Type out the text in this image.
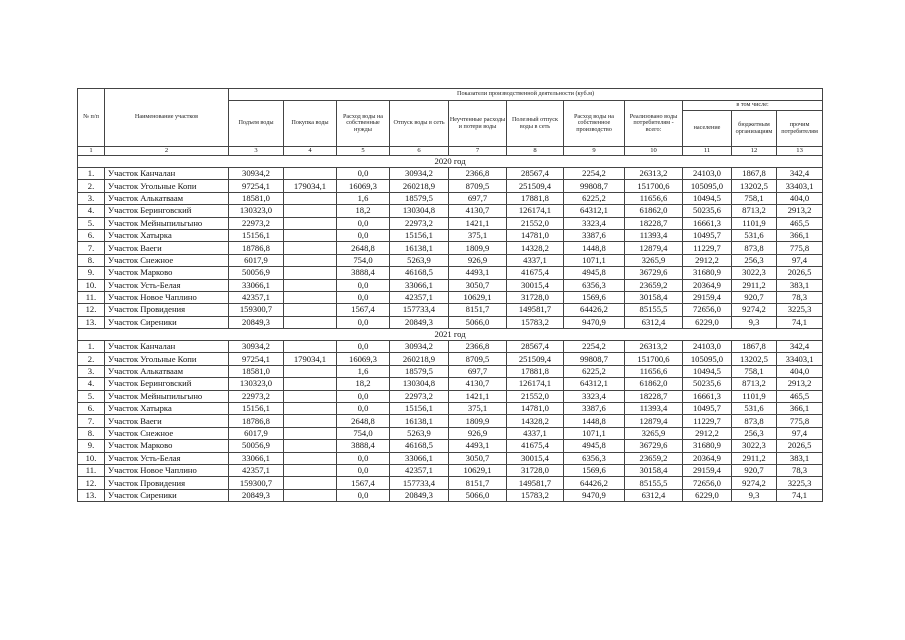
№ п/п	Наименование участков	Показатели производственной деятельности (куб.м)										
		Подъем воды	Покупка воды	Расход воды на собственные нужды	Отпуск воды в сеть	Неучтенные расходы и потери воды	Полезный отпуск воды в сеть	Расход воды на собственное производство	Реализовано воды потребителям - всего:	в том числе:		
										население	бюджетным организациям	прочим потребителям
1	2	3	4	5	6	7	8	9	10	11	12	13
2020 год												
1.	Участок Канчалан	30934,2		0,0	30934,2	2366,8	28567,4	2254,2	26313,2	24103,0	1867,8	342,4
2.	Участок Угольные Копи	97254,1	179034,1	16069,3	260218,9	8709,5	251509,4	99808,7	151700,6	105095,0	13202,5	33403,1
3.	Участок Алькатваам	18581,0		1,6	18579,5	697,7	17881,8	6225,2	11656,6	10494,5	758,1	404,0
4.	Участок Беринговский	130323,0		18,2	130304,8	4130,7	126174,1	64312,1	61862,0	50235,6	8713,2	2913,2
5.	Участок Мейныпильгыно	22973,2		0,0	22973,2	1421,1	21552,0	3323,4	18228,7	16661,3	1101,9	465,5
6.	Участок Хатырка	15156,1		0,0	15156,1	375,1	14781,0	3387,6	11393,4	10495,7	531,6	366,1
7.	Участок Ваеги	18786,8		2648,8	16138,1	1809,9	14328,2	1448,8	12879,4	11229,7	873,8	775,8
8.	Участок Снежное	6017,9		754,0	5263,9	926,9	4337,1	1071,1	3265,9	2912,2	256,3	97,4
9.	Участок Марково	50056,9		3888,4	46168,5	4493,1	41675,4	4945,8	36729,6	31680,9	3022,3	2026,5
10.	Участок Усть-Белая	33066,1		0,0	33066,1	3050,7	30015,4	6356,3	23659,2	20364,9	2911,2	383,1
11.	Участок Новое Чаплино	42357,1		0,0	42357,1	10629,1	31728,0	1569,6	30158,4	29159,4	920,7	78,3
12.	Участок Провидения	159300,7		1567,4	157733,4	8151,7	149581,7	64426,2	85155,5	72656,0	9274,2	3225,3
13.	Участок Сиреники	20849,3		0,0	20849,3	5066,0	15783,2	9470,9	6312,4	6229,0	9,3	74,1
2021 год												
1.	Участок Канчалан	30934,2		0,0	30934,2	2366,8	28567,4	2254,2	26313,2	24103,0	1867,8	342,4
2.	Участок Угольные Копи	97254,1	179034,1	16069,3	260218,9	8709,5	251509,4	99808,7	151700,6	105095,0	13202,5	33403,1
3.	Участок Алькатваам	18581,0		1,6	18579,5	697,7	17881,8	6225,2	11656,6	10494,5	758,1	404,0
4.	Участок Беринговский	130323,0		18,2	130304,8	4130,7	126174,1	64312,1	61862,0	50235,6	8713,2	2913,2
5.	Участок Мейныпильгыно	22973,2		0,0	22973,2	1421,1	21552,0	3323,4	18228,7	16661,3	1101,9	465,5
6.	Участок Хатырка	15156,1		0,0	15156,1	375,1	14781,0	3387,6	11393,4	10495,7	531,6	366,1
7.	Участок Ваеги	18786,8		2648,8	16138,1	1809,9	14328,2	1448,8	12879,4	11229,7	873,8	775,8
8.	Участок Снежное	6017,9		754,0	5263,9	926,9	4337,1	1071,1	3265,9	2912,2	256,3	97,4
9.	Участок Марково	50056,9		3888,4	46168,5	4493,1	41675,4	4945,8	36729,6	31680,9	3022,3	2026,5
10.	Участок Усть-Белая	33066,1		0,0	33066,1	3050,7	30015,4	6356,3	23659,2	20364,9	2911,2	383,1
11.	Участок Новое Чаплино	42357,1		0,0	42357,1	10629,1	31728,0	1569,6	30158,4	29159,4	920,7	78,3
12.	Участок Провидения	159300,7		1567,4	157733,4	8151,7	149581,7	64426,2	85155,5	72656,0	9274,2	3225,3
13.	Участок Сиреники	20849,3		0,0	20849,3	5066,0	15783,2	9470,9	6312,4	6229,0	9,3	74,1
